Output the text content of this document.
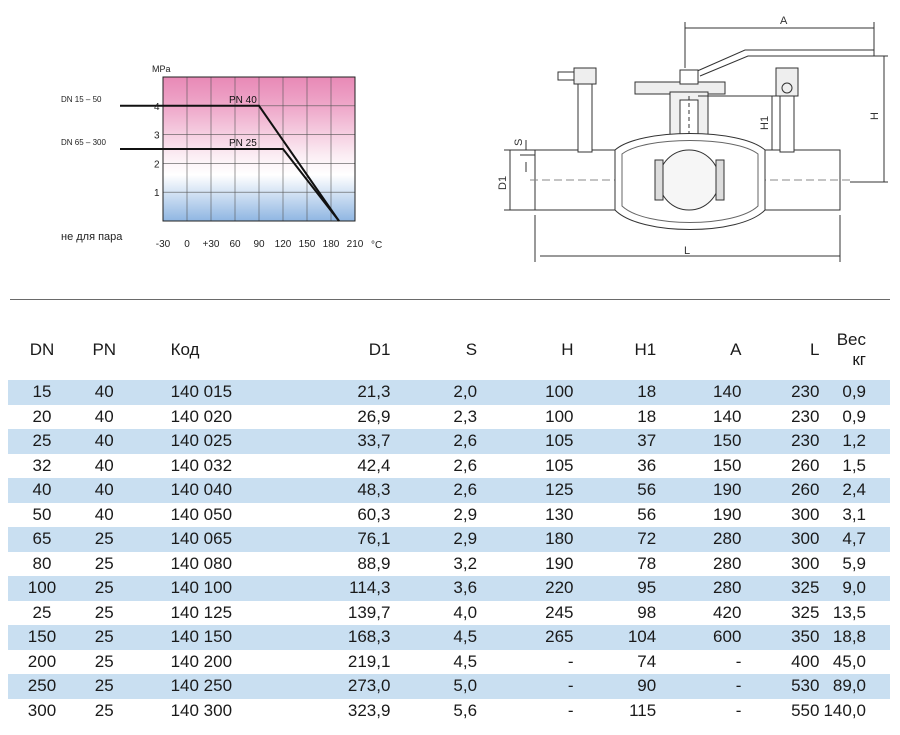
PN 40
PN 25
-30 0 +30 60 90 120 150 180 210
1
2
3
4
MPa
°C
DN 15 – 50
DN 65 – 300
не для пара
A
H
H1
S
D1
L
DN	PN	Код	D1	S	H	H1	A	L	Вес кг

15	40	140 015	21,3	2,0	100	18	140	230	0,9
20	40	140 020	26,9	2,3	100	18	140	230	0,9
25	40	140 025	33,7	2,6	105	37	150	230	1,2
32	40	140 032	42,4	2,6	105	36	150	260	1,5
40	40	140 040	48,3	2,6	125	56	190	260	2,4
50	40	140 050	60,3	2,9	130	56	190	300	3,1
65	25	140 065	76,1	2,9	180	72	280	300	4,7
80	25	140 080	88,9	3,2	190	78	280	300	5,9
100	25	140 100	114,3	3,6	220	95	280	325	9,0
25	25	140 125	139,7	4,0	245	98	420	325	13,5
150	25	140 150	168,3	4,5	265	104	600	350	18,8
200	25	140 200	219,1	4,5	-	74	-	400	45,0
250	25	140 250	273,0	5,0	-	90	-	530	89,0
300	25	140 300	323,9	5,6	-	115	-	550	140,0
